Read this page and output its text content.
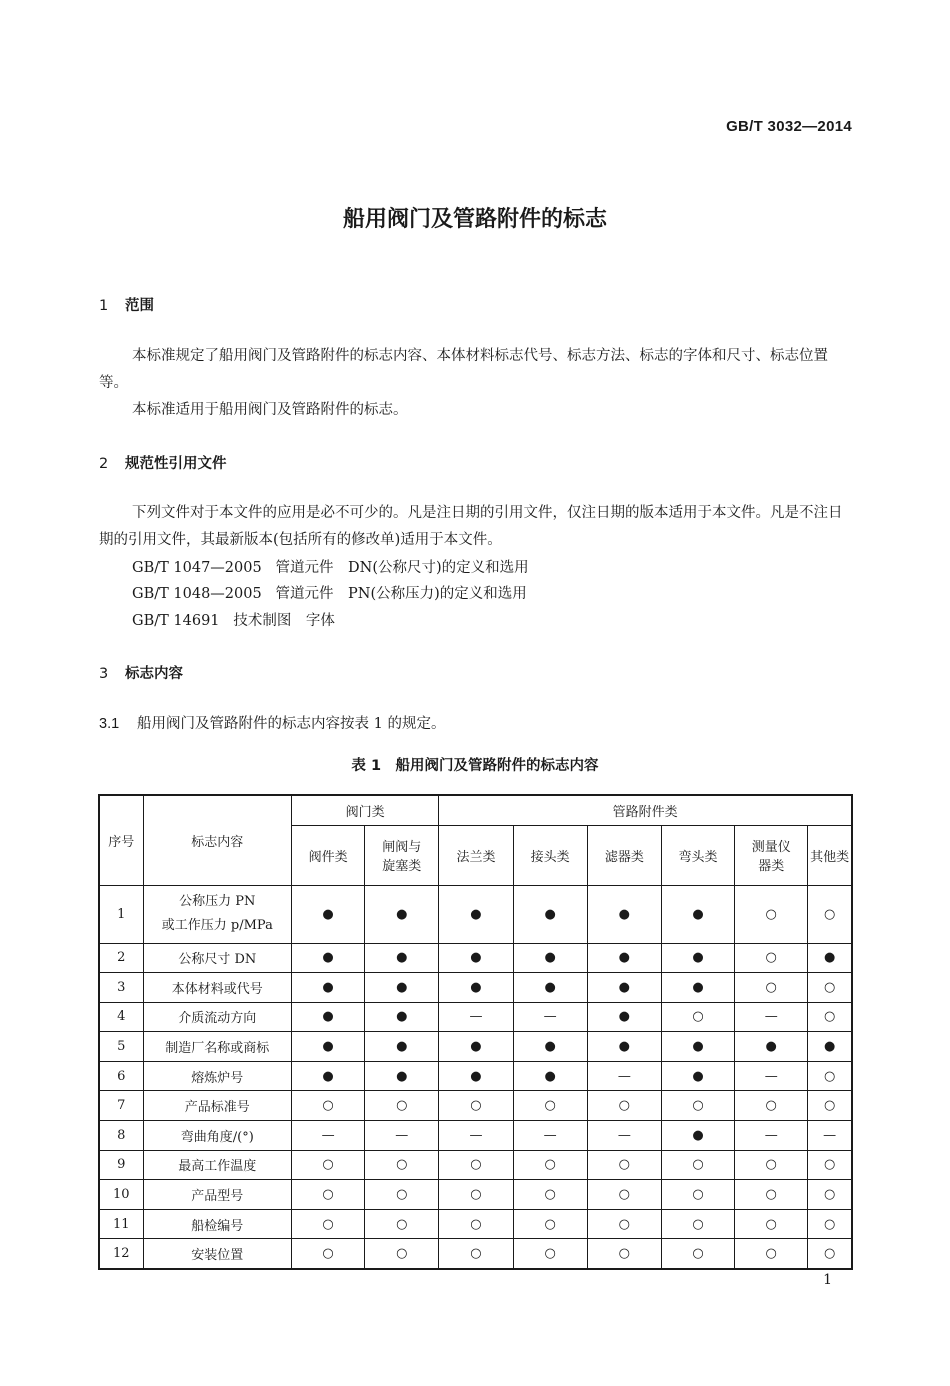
GB/T 3032—2014
船用阀门及管路附件的标志
1 范围
本标准规定了船用阀门及管路附件的标志内容、本体材料标志代号、标志方法、标志的字体和尺寸、标志位置等。
本标准适用于船用阀门及管路附件的标志。
2 规范性引用文件
下列文件对于本文件的应用是必不可少的。凡是注日期的引用文件，仅注日期的版本适用于本文件。凡是不注日期的引用文件，其最新版本(包括所有的修改单)适用于本文件。
GB/T 1047—2005 管道元件　DN(公称尺寸)的定义和选用
GB/T 1048—2005 管道元件　PN(公称压力)的定义和选用
GB/T 14691 技术制图　字体
3 标志内容
3.1 船用阀门及管路附件的标志内容按表 1 的规定。
表 1　船用阀门及管路附件的标志内容
序号	标志内容	阀门类		管路附件类					
		阀件类	闸阀与
旋塞类	法兰类	接头类	滤器类	弯头类	测量仪
器类	其他类
1	公称压力 PN
或工作压力 p/MPa	●	●	●	●	●	●	○	○
2	公称尺寸 DN	●	●	●	●	●	●	○	●
3	本体材料或代号	●	●	●	●	●	●	○	○
4	介质流动方向	●	●	—	—	●	○	—	○
5	制造厂名称或商标	●	●	●	●	●	●	●	●
6	熔炼炉号	●	●	●	●	—	●	—	○
7	产品标准号	○	○	○	○	○	○	○	○
8	弯曲角度/(°)	—	—	—	—	—	●	—	—
9	最高工作温度	○	○	○	○	○	○	○	○
10	产品型号	○	○	○	○	○	○	○	○
11	船检编号	○	○	○	○	○	○	○	○
12	安装位置	○	○	○	○	○	○	○	○
1
